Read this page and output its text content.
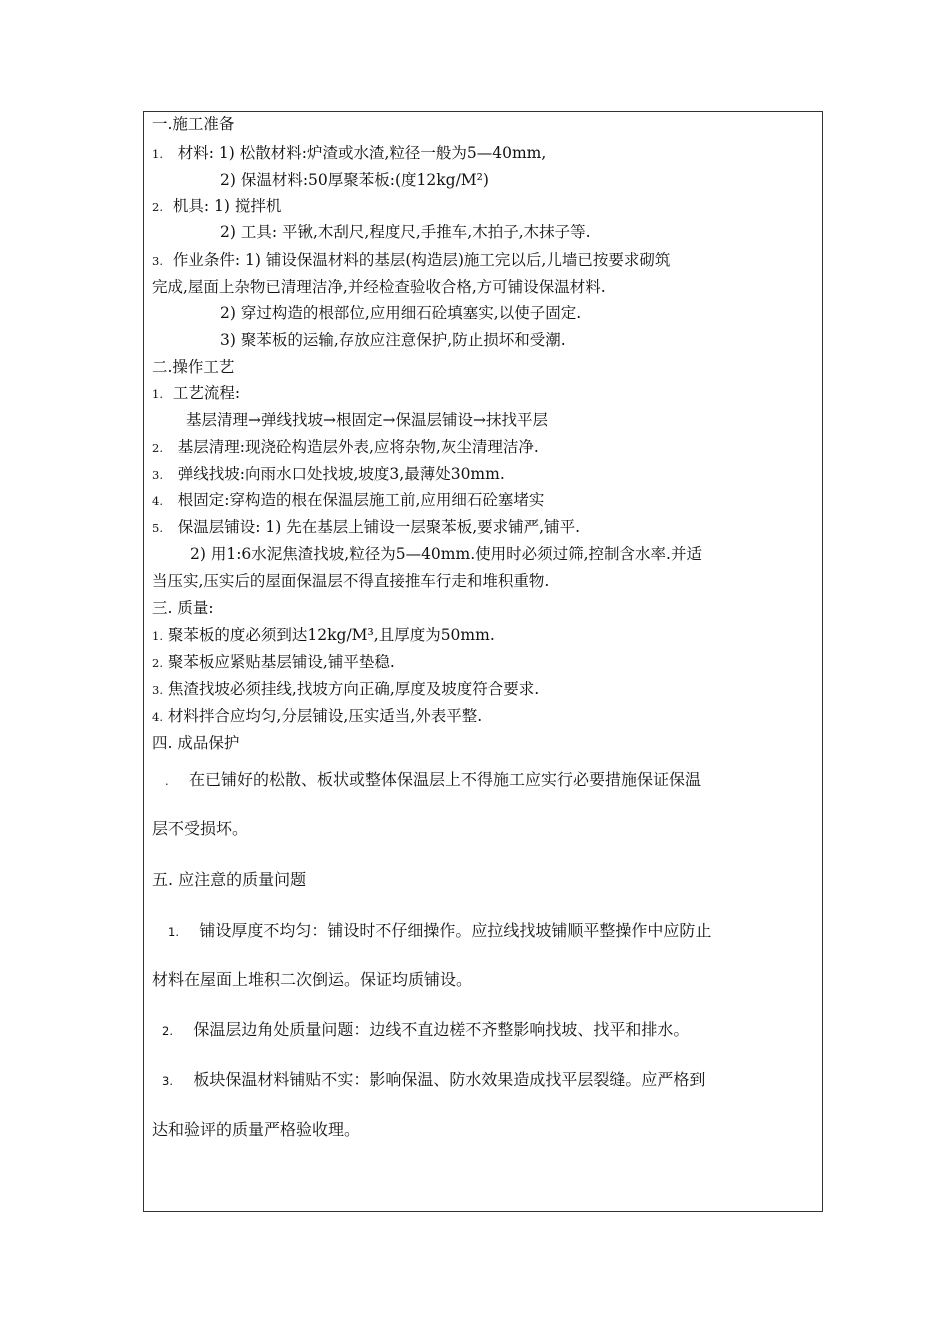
一.施工准备
1. 材料: 1) 松散材料:炉渣或水渣,粒径一般为5—40mm,
2) 保温材料:50厚聚苯板:(度12kg/M²)
2. 机具: 1) 搅拌机
2) 工具: 平锹,木刮尺,程度尺,手推车,木拍子,木抹子等.
3. 作业条件: 1) 铺设保温材料的基层(构造层)施工完以后,儿墙已按要求砌筑
完成,屋面上杂物已清理洁净,并经检查验收合格,方可铺设保温材料.
2) 穿过构造的根部位,应用细石砼填塞实,以使子固定.
3) 聚苯板的运输,存放应注意保护,防止损坏和受潮.
二.操作工艺
1. 工艺流程:
基层清理→弹线找坡→根固定→保温层铺设→抹找平层
2. 基层清理:现浇砼构造层外表,应将杂物,灰尘清理洁净.
3. 弹线找坡:向雨水口处找坡,坡度3,最薄处30mm.
4. 根固定:穿构造的根在保温层施工前,应用细石砼塞堵实
5. 保温层铺设: 1) 先在基层上铺设一层聚苯板,要求铺严,铺平.
2) 用1:6水泥焦渣找坡,粒径为5—40mm.使用时必须过筛,控制含水率.并适
当压实,压实后的屋面保温层不得直接推车行走和堆积重物.
三. 质量:
1. 聚苯板的度必须到达12kg/M³,且厚度为50mm.
2. 聚苯板应紧贴基层铺设,铺平垫稳.
3. 焦渣找坡必须挂线,找坡方向正确,厚度及坡度符合要求.
4. 材料拌合应均匀,分层铺设,压实适当,外表平整.
四. 成品保护
. 在已铺好的松散、板状或整体保温层上不得施工应实行必要措施保证保温
层不受损坏。
五. 应注意的质量问题
1. 铺设厚度不均匀：铺设时不仔细操作。应拉线找坡铺顺平整操作中应防止
材料在屋面上堆积二次倒运。保证均质铺设。
2. 保温层边角处质量问题：边线不直边槎不齐整影响找坡、找平和排水。
3. 板块保温材料铺贴不实：影响保温、防水效果造成找平层裂缝。应严格到
达和验评的质量严格验收理。
